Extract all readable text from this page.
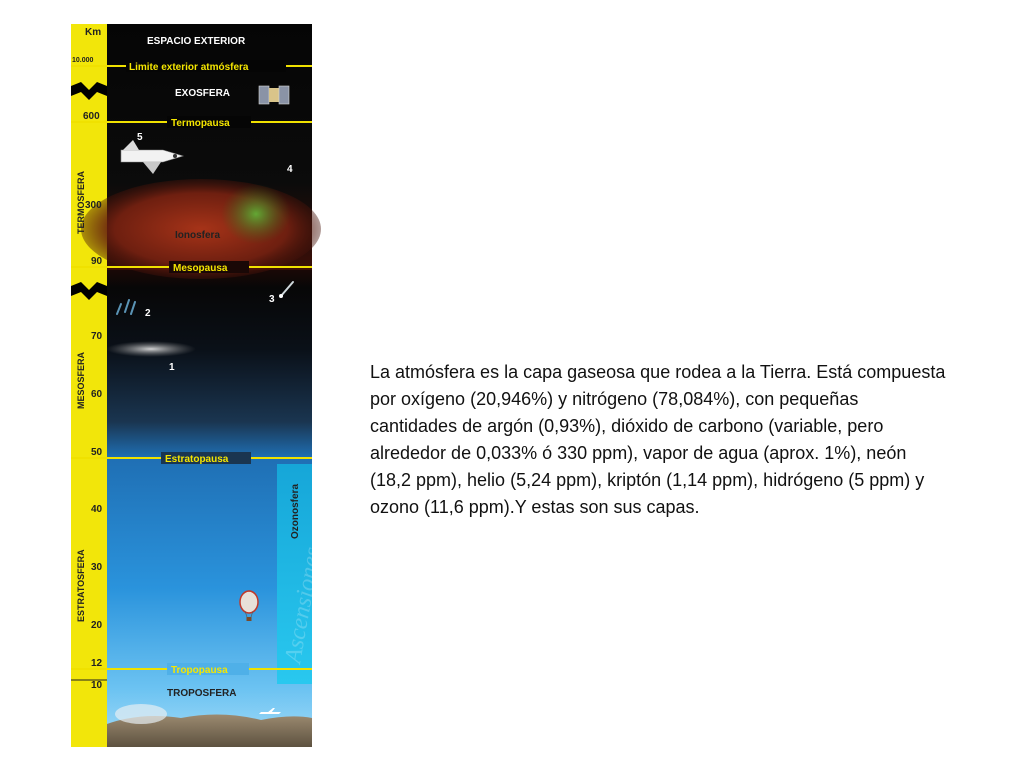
Km
10.000
600
300
90
70
60
50
40
30
20
12
10
TERMOSFERA
MESOSFERA
ESTRATOSFERA
Limite exterior atmósfera
Termopausa
Mesopausa
Estratopausa
Tropopausa
ESPACIO EXTERIOR
EXOSFERA
Ionosfera
TROPOSFERA
Ozonosfera
Ascensiones
1
2
3
4
5

La atmósfera es la capa gaseosa que rodea a la Tierra. Está compuesta por oxígeno (20,946%) y nitrógeno (78,084%), con pequeñas cantidades de argón (0,93%), dióxido de carbono (variable, pero alrededor de 0,033% ó 330 ppm), vapor de agua (aprox. 1%), neón (18,2 ppm), helio (5,24 ppm), kriptón (1,14 ppm), hidrógeno (5 ppm) y ozono (11,6 ppm).Y estas son sus capas.
